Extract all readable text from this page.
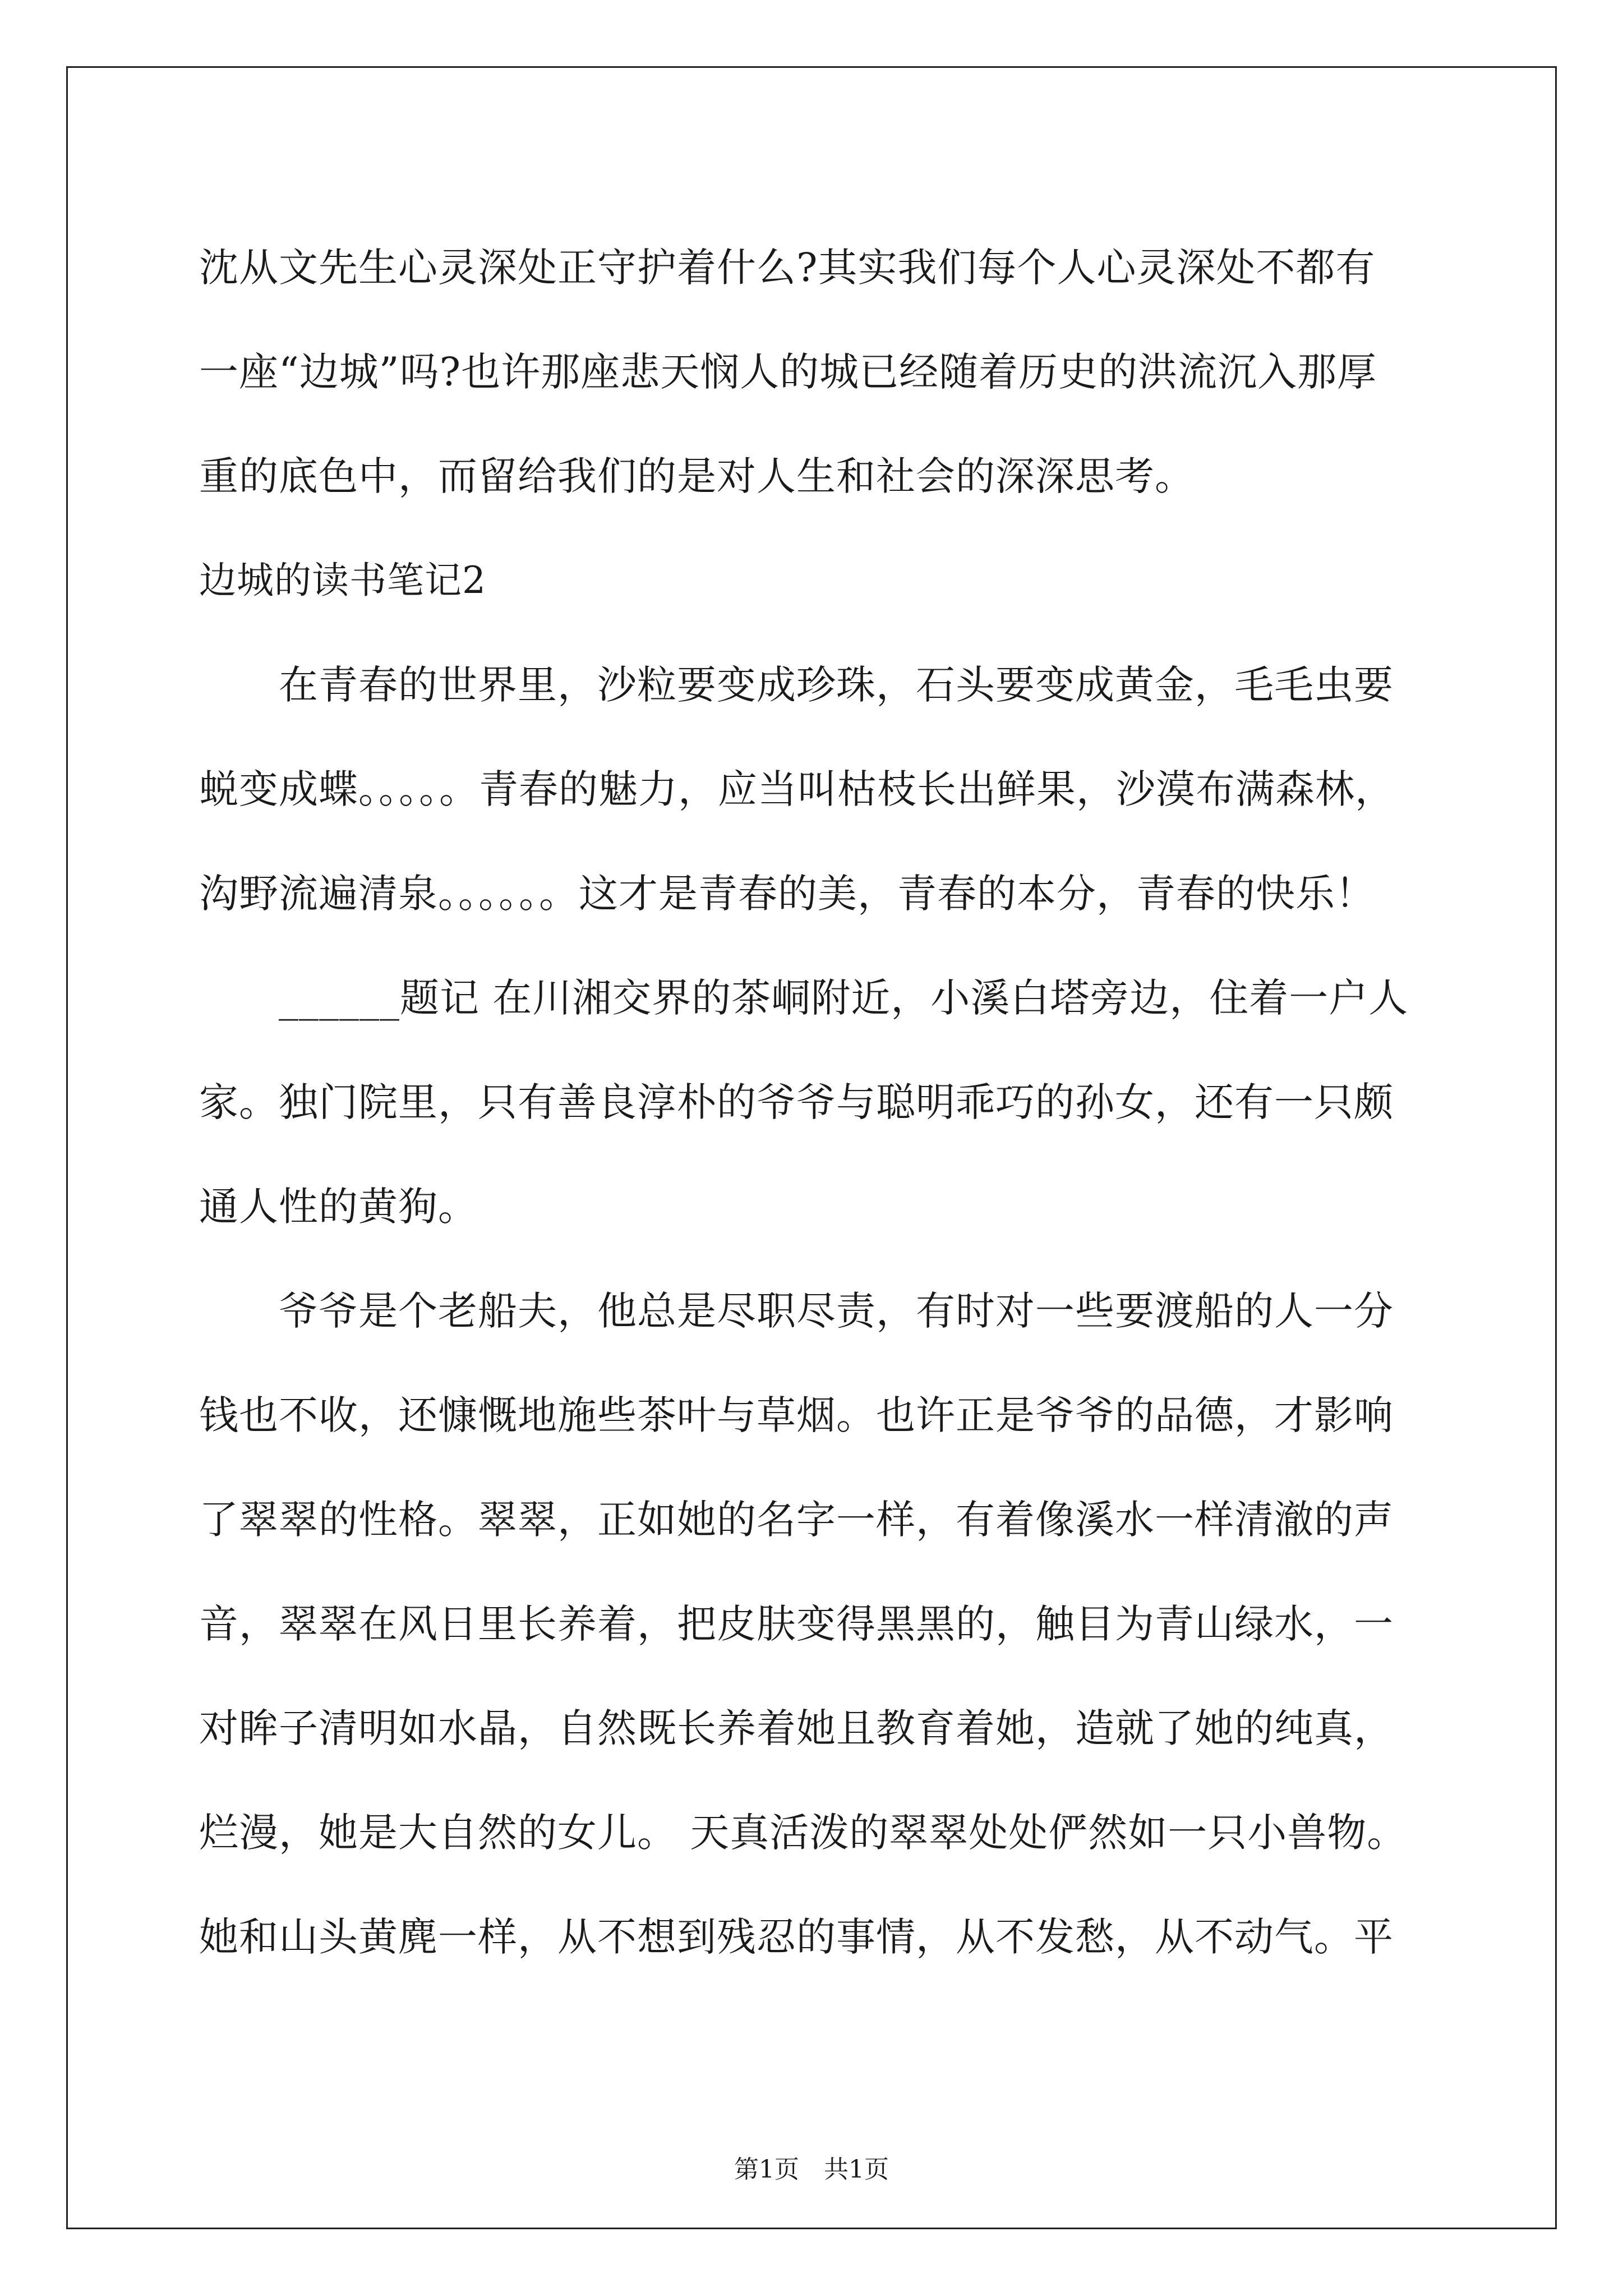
沈从文先生心灵深处正守护着什么?其实我们每个人心灵深处不都有
一座“边城”吗?也许那座悲天悯人的城已经随着历史的洪流沉入那厚
重的底色中，而留给我们的是对人生和社会的深深思考。
边城的读书笔记2
　　在青春的世界里，沙粒要变成珍珠，石头要变成黄金，毛毛虫要
蜕变成蝶。。。。。青春的魅力，应当叫枯枝长出鲜果，沙漠布满森林，
沟野流遍清泉。。。。。。这才是青春的美，青春的本分，青春的快乐！
　　______题记 在川湘交界的茶峒附近，小溪白塔旁边，住着一户人
家。独门院里，只有善良淳朴的爷爷与聪明乖巧的孙女，还有一只颇
通人性的黄狗。
　　爷爷是个老船夫，他总是尽职尽责，有时对一些要渡船的人一分
钱也不收，还慷慨地施些茶叶与草烟。也许正是爷爷的品德，才影响
了翠翠的性格。翠翠，正如她的名字一样，有着像溪水一样清澈的声
音，翠翠在风日里长养着，把皮肤变得黑黑的，触目为青山绿水，一
对眸子清明如水晶，自然既长养着她且教育着她，造就了她的纯真，
烂漫，她是大自然的女儿。 天真活泼的翠翠处处俨然如一只小兽物。
她和山头黄麂一样，从不想到残忍的事情，从不发愁，从不动气。平
第1页　共1页
